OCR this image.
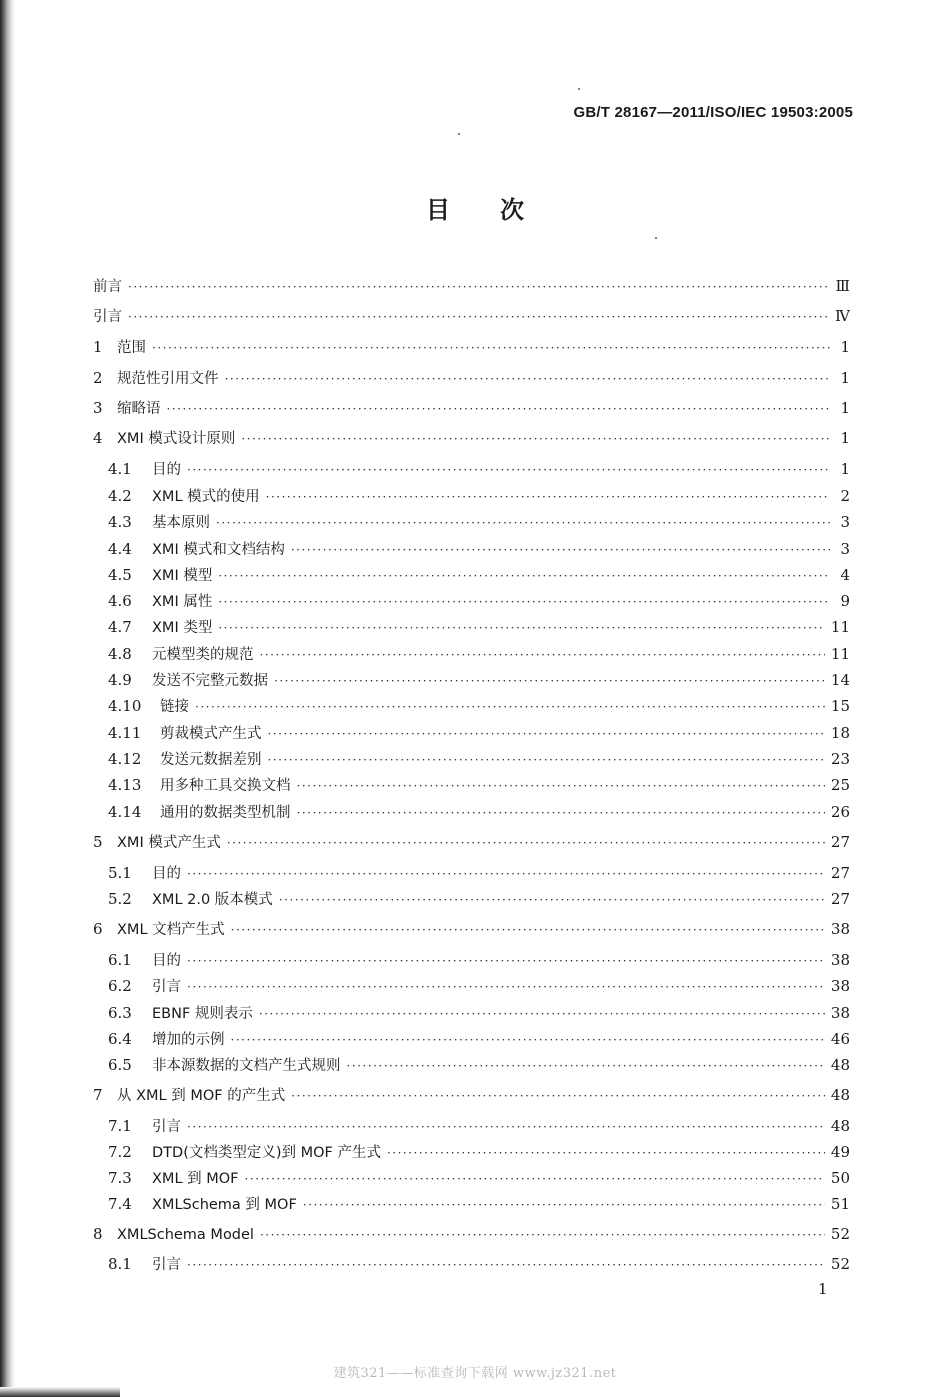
GB/T 28167—2011/ISO/IEC 19503:2005
目次
前言 ·····	Ⅲ
引言 ·····	Ⅳ
1 范围 ·····	1
2 规范性引用文件 ·····	1
3 缩略语 ·····	1
4 XMI 模式设计原则 ·····	1
4.1	目的 ·····	1
4.2	XML 模式的使用 ·····	2
4.3	基本原则 ·····	3
4.4	XMI 模式和文档结构 ·····	3
4.5	XMI 模型 ·····	4
4.6	XMI 属性 ·····	9
4.7	XMI 类型 ·····	11
4.8	元模型类的规范 ·····	11
4.9	发送不完整元数据 ·····	14
4.10	链接 ·····	15
4.11	剪裁模式产生式 ·····	18
4.12	发送元数据差别 ·····	23
4.13	用多种工具交换文档 ·····	25
4.14	通用的数据类型机制 ·····	26
5 XMI 模式产生式 ·····	27
5.1	目的 ·····	27
5.2	XML 2.0 版本模式 ·····	27
6 XML 文档产生式 ·····	38
6.1	目的 ·····	38
6.2	引言 ·····	38
6.3	EBNF 规则表示 ·····	38
6.4	增加的示例 ·····	46
6.5	非本源数据的文档产生式规则 ·····	48
7 从 XML 到 MOF 的产生式 ·····	48
7.1	引言 ·····	48
7.2	DTD(文档类型定义)到 MOF 产生式 ·····	49
7.3	XML 到 MOF ·····	50
7.4	XMLSchema 到 MOF ·····	51
8 XMLSchema Model ·····	52
8.1	引言 ·····	52
1
建筑321——标准查询下载网 www.jz321.net
